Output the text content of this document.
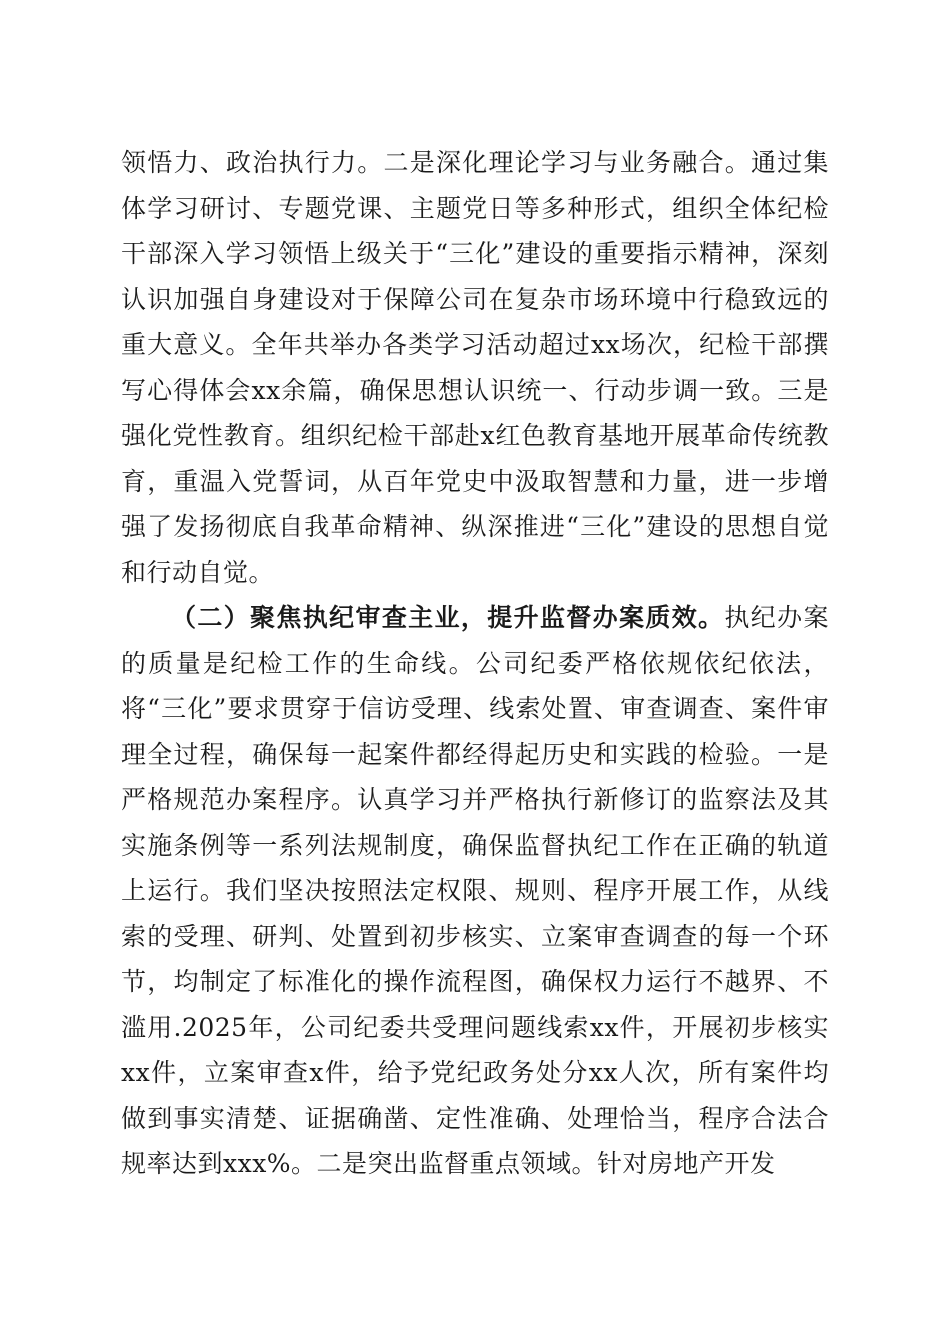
领悟力、政治执行力。二是深化理论学习与业务融合。通过集体学习研讨、专题党课、主题党日等多种形式，组织全体纪检干部深入学习领悟上级关于“三化”建设的重要指示精神，深刻认识加强自身建设对于保障公司在复杂市场环境中行稳致远的重大意义。全年共举办各类学习活动超过xx场次，纪检干部撰写心得体会xx余篇，确保思想认识统一、行动步调一致。三是强化党性教育。组织纪检干部赴x红色教育基地开展革命传统教育，重温入党誓词，从百年党史中汲取智慧和力量，进一步增强了发扬彻底自我革命精神、纵深推进“三化”建设的思想自觉和行动自觉。

（二）聚焦执纪审查主业，提升监督办案质效。执纪办案的质量是纪检工作的生命线。公司纪委严格依规依纪依法，将“三化”要求贯穿于信访受理、线索处置、审查调查、案件审理全过程，确保每一起案件都经得起历史和实践的检验。一是严格规范办案程序。认真学习并严格执行新修订的监察法及其实施条例等一系列法规制度，确保监督执纪工作在正确的轨道上运行。我们坚决按照法定权限、规则、程序开展工作，从线索的受理、研判、处置到初步核实、立案审查调查的每一个环节，均制定了标准化的操作流程图，确保权力运行不越界、不滥用.2025年，公司纪委共受理问题线索xx件，开展初步核实xx件，立案审查x件，给予党纪政务处分xx人次，所有案件均做到事实清楚、证据确凿、定性准确、处理恰当，程序合法合规率达到xxx%。二是突出监督重点领域。针对房地产开发
